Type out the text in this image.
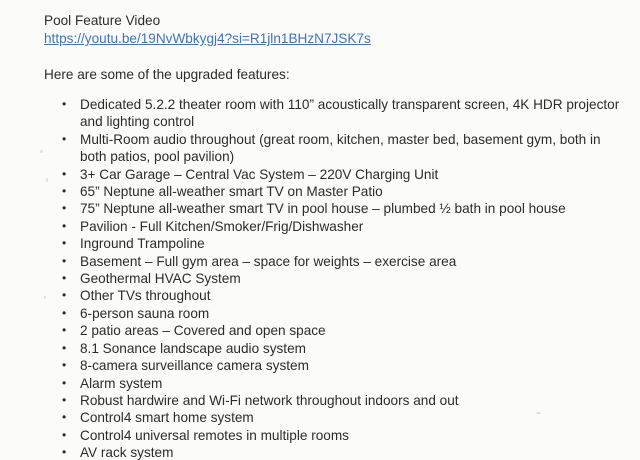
Pool Feature Video
https://youtu.be/19NvWbkygj4?si=R1jln1BHzN7JSK7s
Here are some of the upgraded features:
• Dedicated 5.2.2 theater room with 110” acoustically transparent screen, 4K HDR projector and lighting control
• Multi-Room audio throughout (great room, kitchen, master bed, basement gym, both in both patios, pool pavilion)
• 3+ Car Garage – Central Vac System – 220V Charging Unit
• 65” Neptune all-weather smart TV on Master Patio
• 75” Neptune all-weather smart TV in pool house – plumbed ½ bath in pool house
• Pavilion - Full Kitchen/Smoker/Frig/Dishwasher
• Inground Trampoline
• Basement – Full gym area – space for weights – exercise area
• Geothermal HVAC System
• Other TVs throughout
• 6-person sauna room
• 2 patio areas – Covered and open space
• 8.1 Sonance landscape audio system
• 8-camera surveillance camera system
• Alarm system
• Robust hardwire and Wi-Fi network throughout indoors and out
• Control4 smart home system
• Control4 universal remotes in multiple rooms
• AV rack system
